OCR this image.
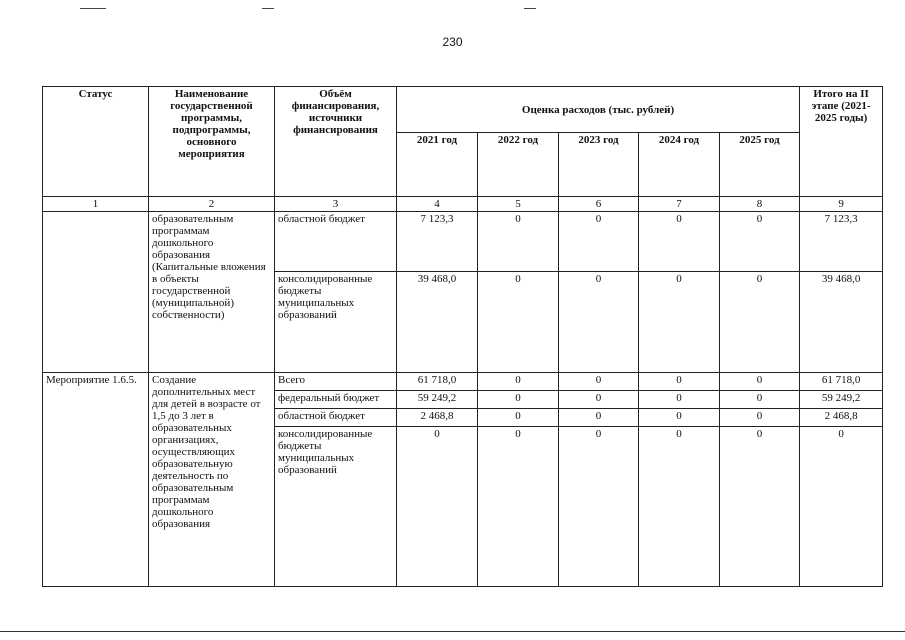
230
Статус	Наименование государственной программы, подпрограммы, основного мероприятия	Объём финансирования, источники финансирования	Оценка расходов (тыс. рублей)					Итого на II этапе (2021-2025 годы)
			2021 год	2022 год	2023 год	2024 год	2025 год	
1	2	3	4	5	6	7	8	9
	образовательным программам дошкольного образования (Капитальные вложения в объекты государственной (муниципальной) собственности)	областной бюджет	7 123,3	0	0	0	0	7 123,3
		консолидированные бюджеты муниципальных образований	39 468,0	0	0	0	0	39 468,0
Мероприятие 1.6.5.	Создание дополнительных мест для детей в возрасте от 1,5 до 3 лет в образовательных организациях, осуществляющих образовательную деятельность по образовательным программам дошкольного образования	Всего	61 718,0	0	0	0	0	61 718,0
		федеральный бюджет	59 249,2	0	0	0	0	59 249,2
		областной бюджет	2 468,8	0	0	0	0	2 468,8
		консолидированные бюджеты муниципальных образований	0	0	0	0	0	0
